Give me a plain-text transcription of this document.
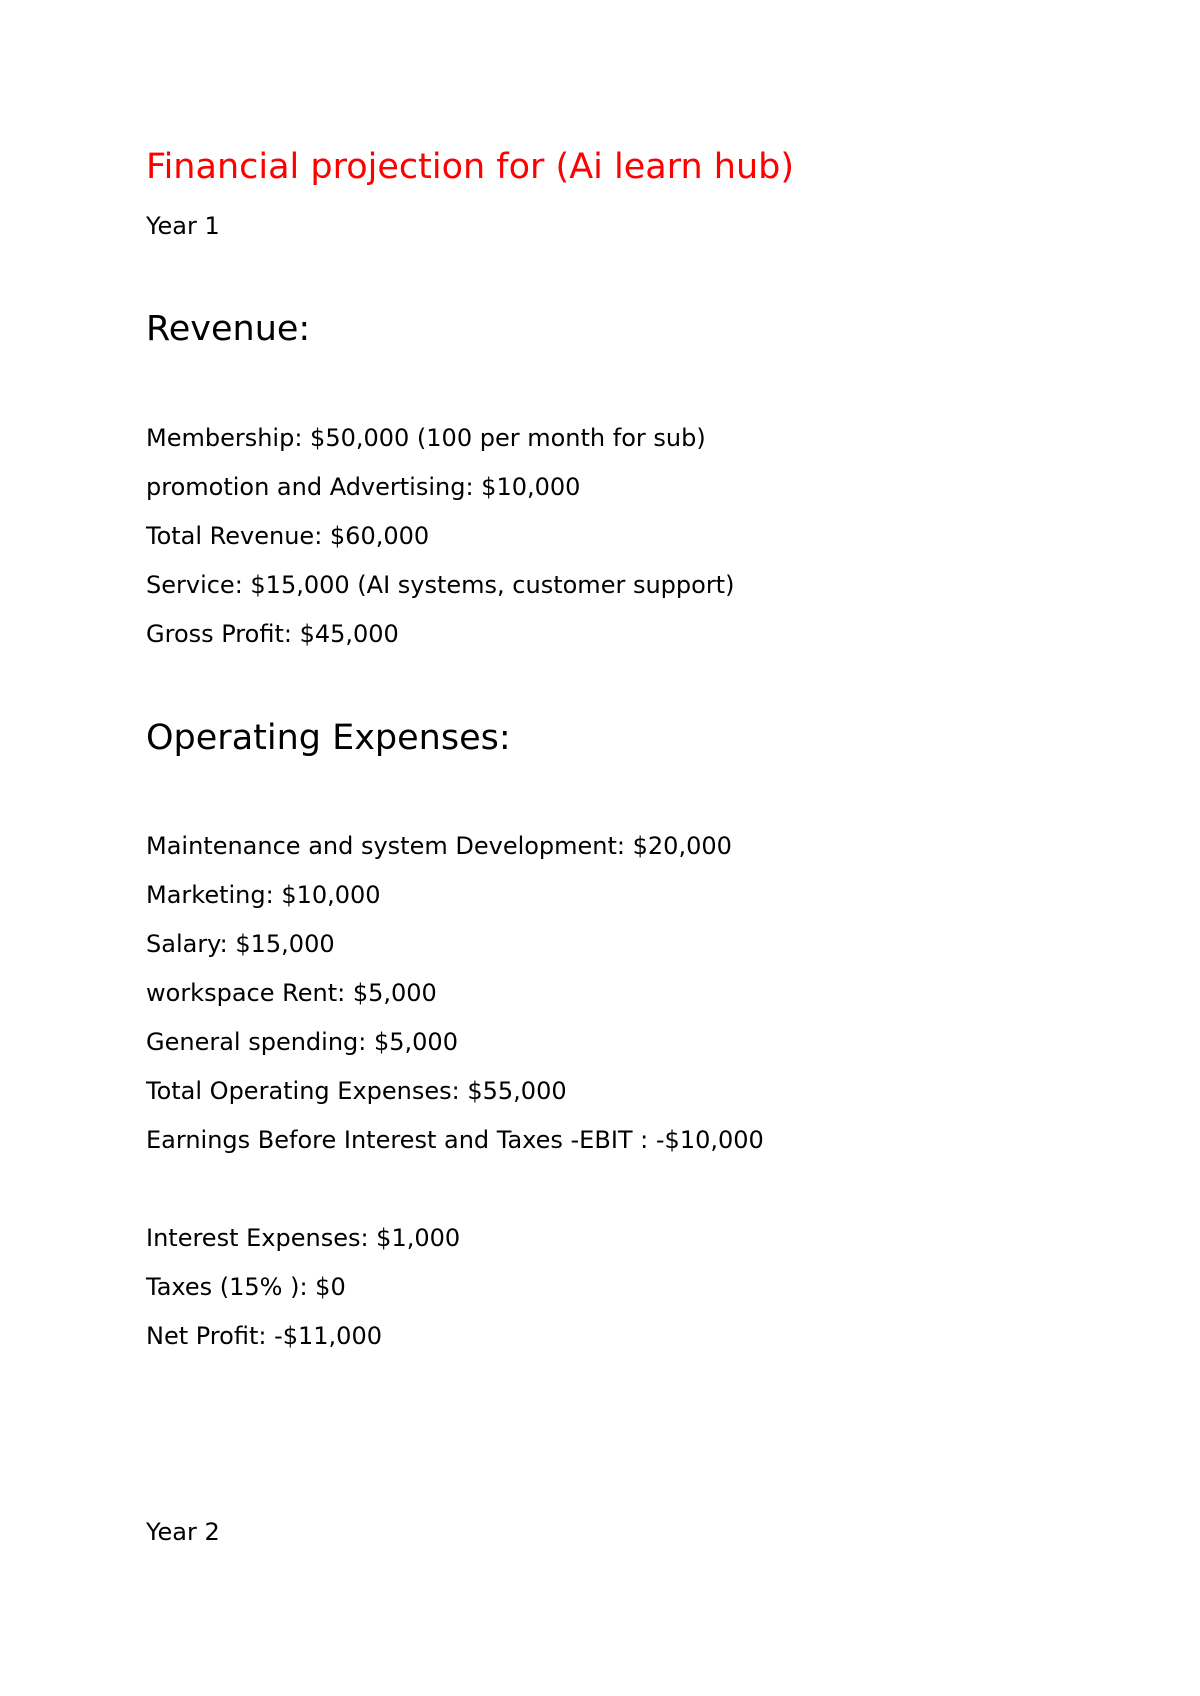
Financial projection for (Ai learn hub)

Year 1

Revenue:

Membership: $50,000 (100 per month for sub)

promotion and Advertising: $10,000

Total Revenue: $60,000

Service: $15,000 (AI systems, customer support)

Gross Profit: $45,000

Operating Expenses:

Maintenance and system Development: $20,000

Marketing: $10,000

Salary: $15,000

workspace Rent: $5,000

General spending: $5,000

Total Operating Expenses: $55,000

Earnings Before Interest and Taxes -EBIT : -$10,000

Interest Expenses: $1,000

Taxes (15% ): $0

Net Profit: -$11,000

Year 2
